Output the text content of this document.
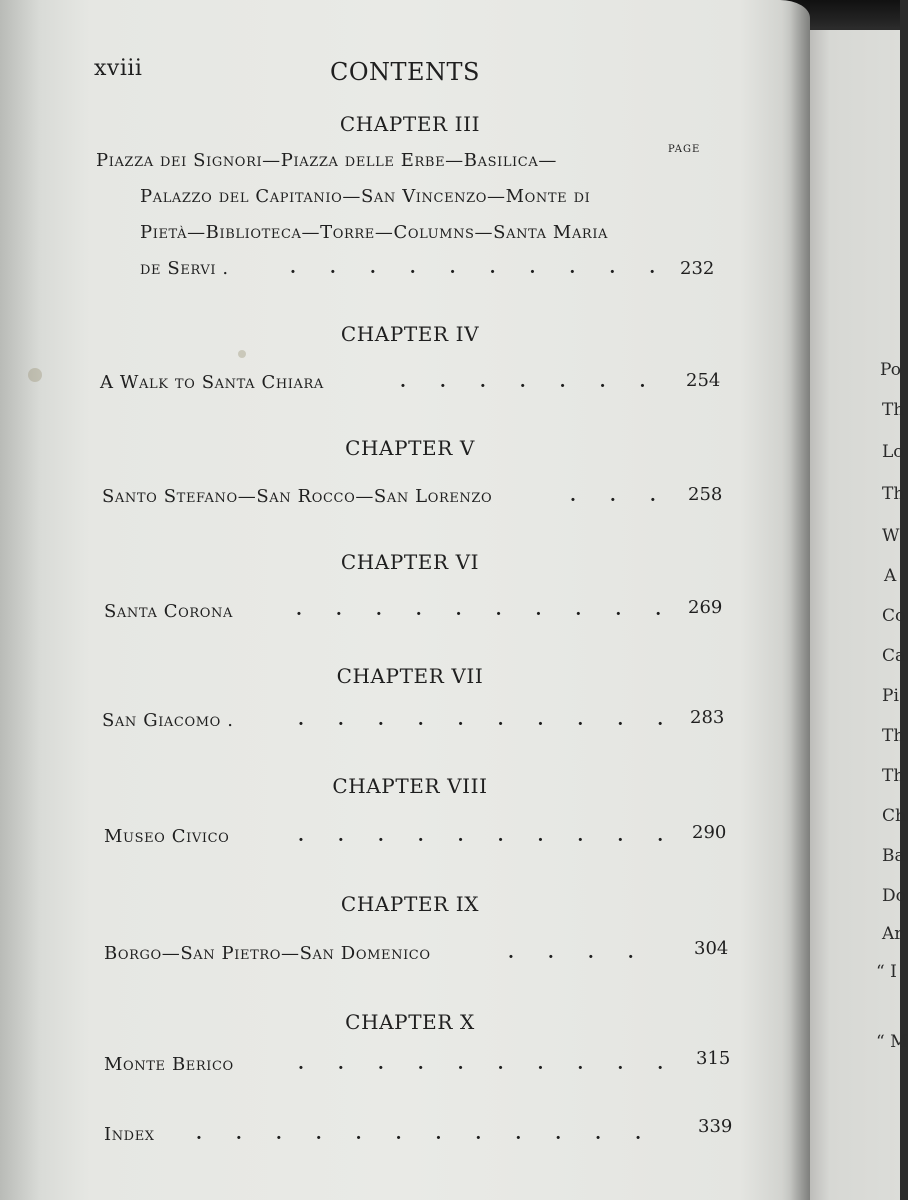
Po
Th
Lo
Th
W
A
Co
Ca
Pi
Th
Th
Ch
Ba
Do
Ar
“ I
“ M
xviii	CONTENTS
PAGE
CHAPTER III
Piazza dei Signori—Piazza delle Erbe—Basilica—
Palazzo del Capitanio—San Vincenzo—Monte di
Pietà—Biblioteca—Torre—Columns—Santa Maria
de Servi .	.  .  .  .  .  .  .  .  .  . 232
CHAPTER IV
A Walk to Santa Chiara	.  .  .  .  .  .  . 254
CHAPTER V
Santo Stefano—San Rocco—San Lorenzo	.  .  . 258
CHAPTER VI
Santa Corona	.  .  .  .  .  .  .  .  .  . 269
CHAPTER VII
San Giacomo .	.  .  .  .  .  .  .  .  .  . 283
CHAPTER VIII
Museo Civico	.  .  .  .  .  .  .  .  .  . 290
CHAPTER IX
Borgo—San Pietro—San Domenico	.  .  .  .	304
CHAPTER X
Monte Berico	.  .  .  .  .  .  .  .  .  . 315
Index .  .  .  .  .  .  .  .  .  .  .  .	339
